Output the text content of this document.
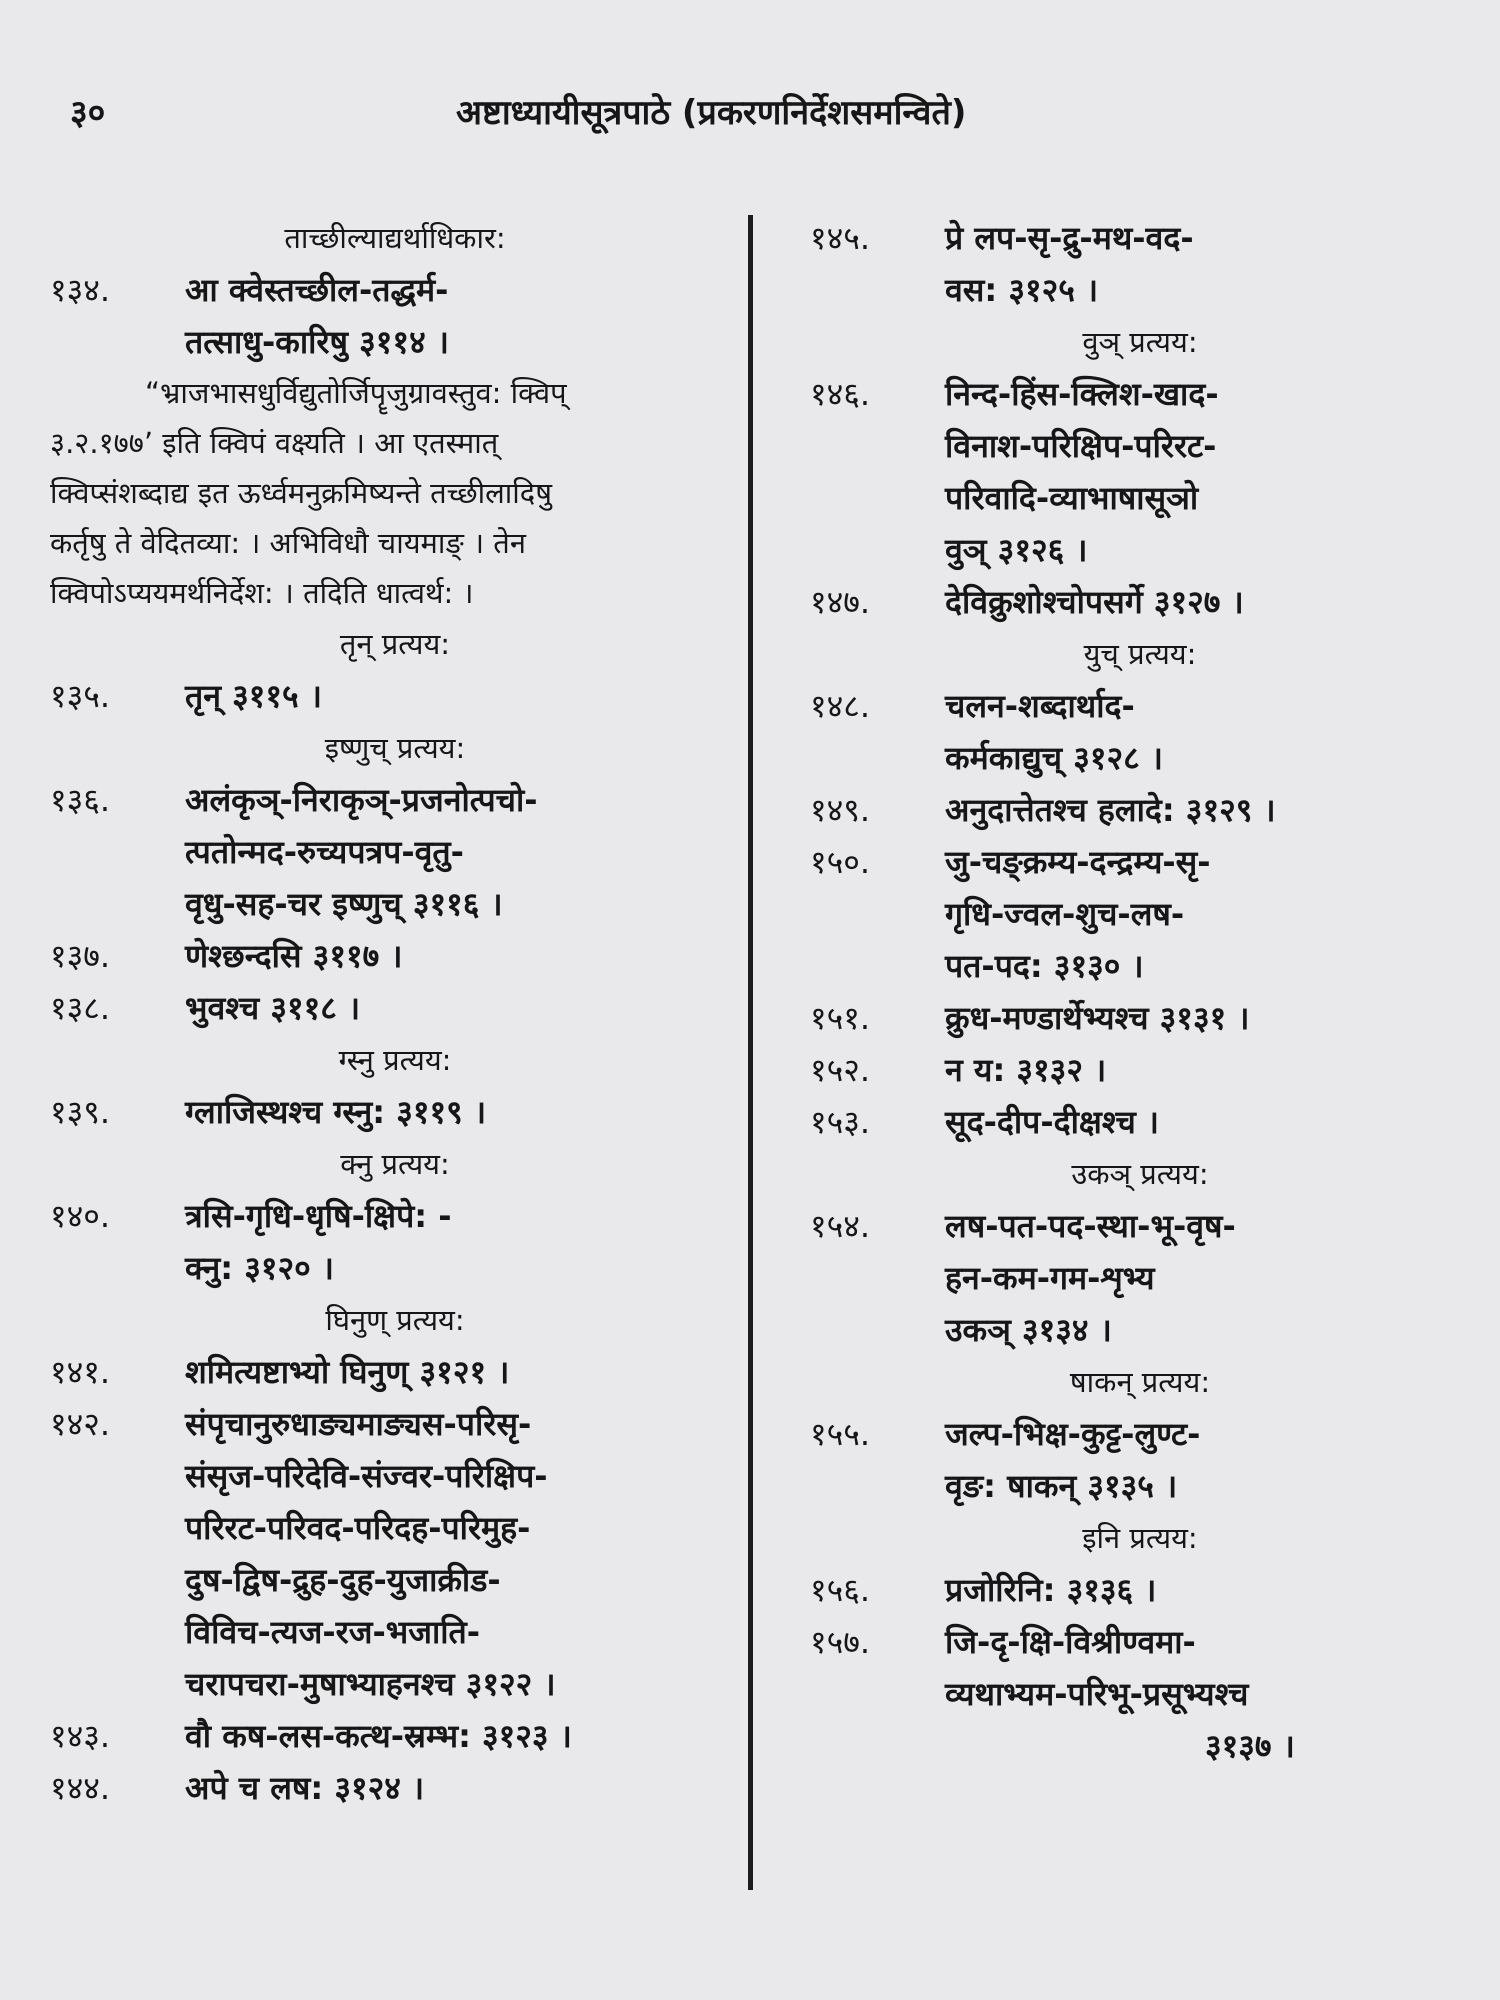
३०	अष्टाध्यायीसूत्रपाठे (प्रकरणनिर्देशसमन्विते)
ताच्छील्याद्यर्थाधिकार:
१३४. आ क्वेस्तच्छील-तद्धर्म-
तत्साधु-कारिषु ३११४ ।
“भ्राजभासधुर्विद्युतोर्जिपॄजुग्रावस्तुव: क्विप्
३.२.१७७’ इति क्विपं वक्ष्यति । आ एतस्मात्
क्विप्संशब्दाद्य इत ऊर्ध्वमनुक्रमिष्यन्ते तच्छीलादिषु
कर्तृषु ते वेदितव्या: । अभिविधौ चायमाङ् । तेन
क्विपोऽप्ययमर्थनिर्देश: । तदिति धात्वर्थ: ।
तृन् प्रत्यय:
१३५. तृन् ३११५ ।
इष्णुच् प्रत्यय:
१३६. अलंकृञ्-निराकृञ्-प्रजनोत्पचो-
त्पतोन्मद-रुच्यपत्रप-वृतु-
वृधु-सह-चर इष्णुच् ३११६ ।
१३७. णेश्छन्दसि ३११७ ।
१३८. भुवश्च ३११८ ।
ग्स्नु प्रत्यय:
१३९. ग्लाजिस्थश्च ग्स्नु: ३११९ ।
क्नु प्रत्यय:
१४०. त्रसि-गृधि-धृषि-क्षिपे: -
क्नु: ३१२० ।
घिनुण् प्रत्यय:
१४१. शमित्यष्टाभ्यो घिनुण् ३१२१ ।
१४२. संपृचानुरुधाङ्यमाङ्यस-परिसृ-
संसृज-परिदेवि-संज्वर-परिक्षिप-
परिरट-परिवद-परिदह-परिमुह-
दुष-द्विष-द्रुह-दुह-युजाक्रीड-
विविच-त्यज-रज-भजाति-
चरापचरा-मुषाभ्याहनश्च ३१२२ ।
१४३. वौ कष-लस-कत्थ-स्रम्भ: ३१२३ ।
१४४. अपे च लष: ३१२४ ।
१४५. प्रे लप-सृ-द्रु-मथ-वद-
वस: ३१२५ ।
वुञ् प्रत्यय:
१४६. निन्द-हिंस-क्लिश-खाद-
विनाश-परिक्षिप-परिरट-
परिवादि-व्याभाषासूञो
वुञ् ३१२६ ।
१४७. देविक्रुशोश्चोपसर्गे ३१२७ ।
युच् प्रत्यय:
१४८. चलन-शब्दार्थाद-
कर्मकाद्युच् ३१२८ ।
१४९. अनुदात्तेतश्च हलादे: ३१२९ ।
१५०. जु-चङ्क्रम्य-दन्द्रम्य-सृ-
गृधि-ज्वल-शुच-लष-
पत-पद: ३१३० ।
१५१. क्रुध-मण्डार्थेभ्यश्च ३१३१ ।
१५२. न य: ३१३२ ।
१५३. सूद-दीप-दीक्षश्च ।
उकञ् प्रत्यय:
१५४. लष-पत-पद-स्था-भू-वृष-
हन-कम-गम-शृभ्य
उकञ् ३१३४ ।
षाकन् प्रत्यय:
१५५. जल्प-भिक्ष-कुट्ट-लुण्ट-
वृङ: षाकन् ३१३५ ।
इनि प्रत्यय:
१५६. प्रजोरिनि: ३१३६ ।
१५७. जि-दृ-क्षि-विश्रीण्वमा-
व्यथाभ्यम-परिभू-प्रसूभ्यश्च
३१३७ ।
